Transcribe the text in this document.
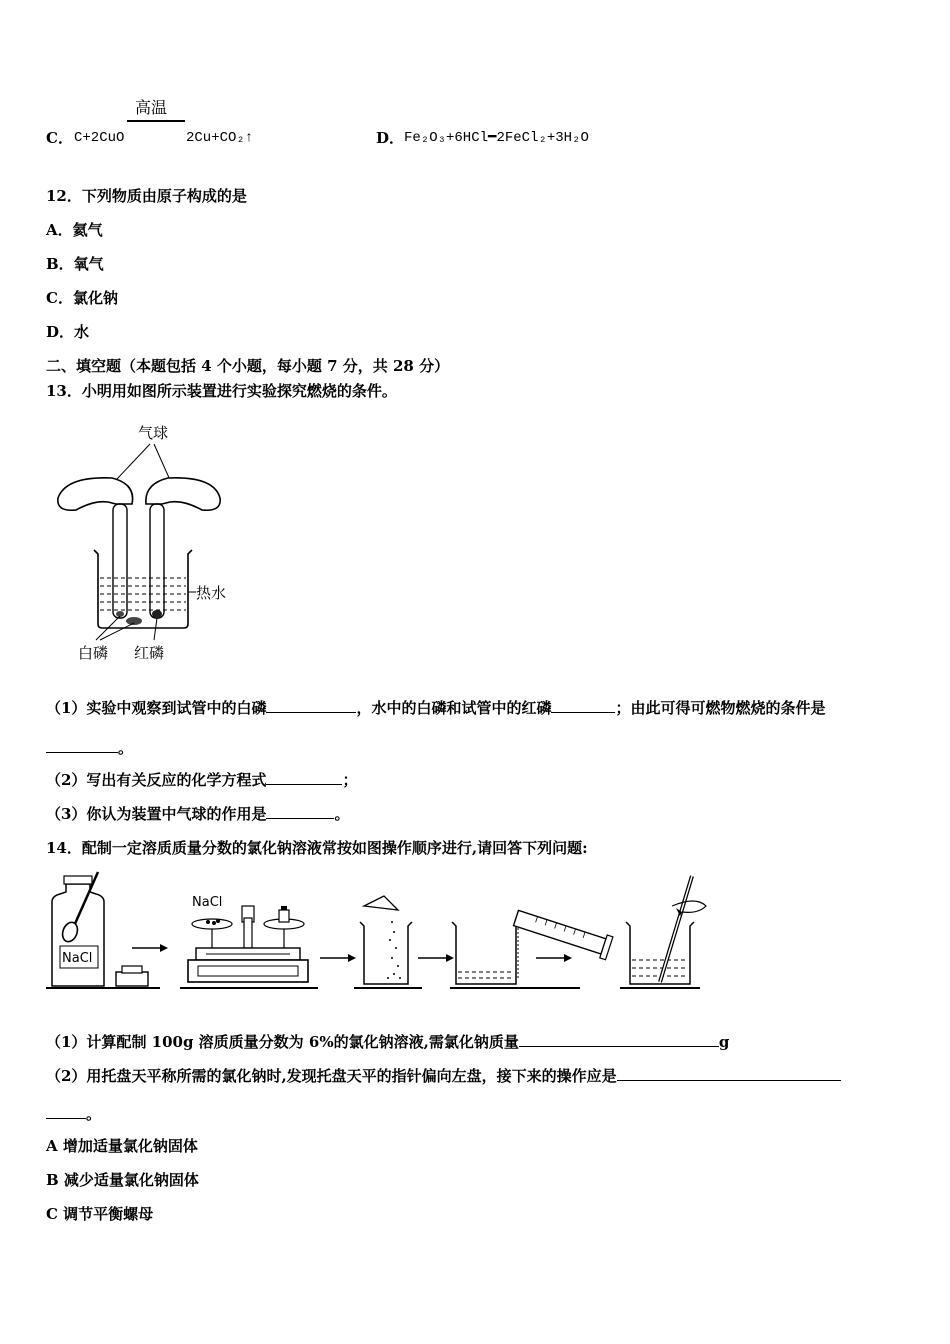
C． C+2CuO
高温
2Cu+CO₂↑	D． Fe₂O₃+6HCl━2FeCl₂+3H₂O
12．下列物质由原子构成的是
A．氦气
B．氧气
C．氯化钠
D．水
二、填空题（本题包括 4 个小题，每小题 7 分，共 28 分）
13．小明用如图所示装置进行实验探究燃烧的条件。
气球
热水
白磷 红磷
（1）实验中观察到试管中的白磷	，水中的白磷和试管中的红磷	；由此可得可燃物燃烧的条件是
。
（2）写出有关反应的化学方程式	；
（3）你认为装置中气球的作用是	。
14．配制一定溶质质量分数的氯化钠溶液常按如图操作顺序进行,请回答下列问题:
NaCl
NaCl
（1）计算配制 100g 溶质质量分数为 6%的氯化钠溶液,需氯化钠质量	g
（2）用托盘天平称所需的氯化钠时,发现托盘天平的指针偏向左盘，接下来的操作应是
。
A 增加适量氯化钠固体
B 减少适量氯化钠固体
C 调节平衡螺母
